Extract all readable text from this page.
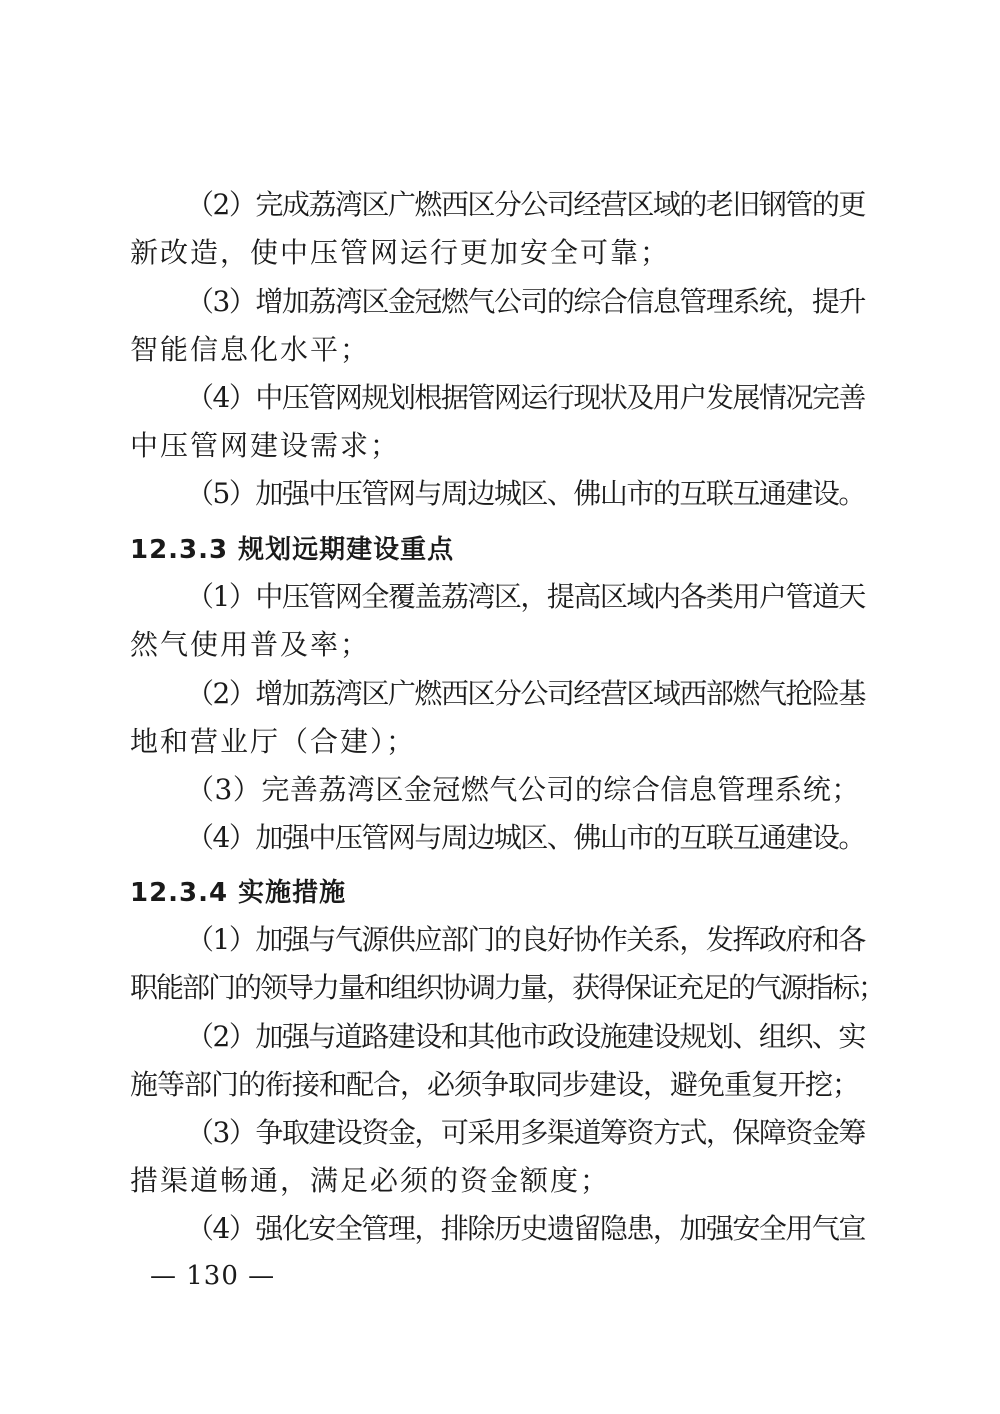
（2）完成荔湾区广燃西区分公司经营区域的老旧钢管的更

新改造，使中压管网运行更加安全可靠；

（3）增加荔湾区金冠燃气公司的综合信息管理系统，提升

智能信息化水平；

（4）中压管网规划根据管网运行现状及用户发展情况完善

中压管网建设需求；

（5）加强中压管网与周边城区、佛山市的互联互通建设。

12.3.3 规划远期建设重点

（1）中压管网全覆盖荔湾区，提高区域内各类用户管道天

然气使用普及率；

（2）增加荔湾区广燃西区分公司经营区域西部燃气抢险基

地和营业厅（合建）；

（3）完善荔湾区金冠燃气公司的综合信息管理系统；

（4）加强中压管网与周边城区、佛山市的互联互通建设。

12.3.4 实施措施

（1）加强与气源供应部门的良好协作关系，发挥政府和各

职能部门的领导力量和组织协调力量，获得保证充足的气源指标；

（2）加强与道路建设和其他市政设施建设规划、组织、实

施等部门的衔接和配合，必须争取同步建设，避免重复开挖；

（3）争取建设资金，可采用多渠道筹资方式，保障资金筹

措渠道畅通，满足必须的资金额度；

（4）强化安全管理，排除历史遗留隐患，加强安全用气宣

— 130 —
